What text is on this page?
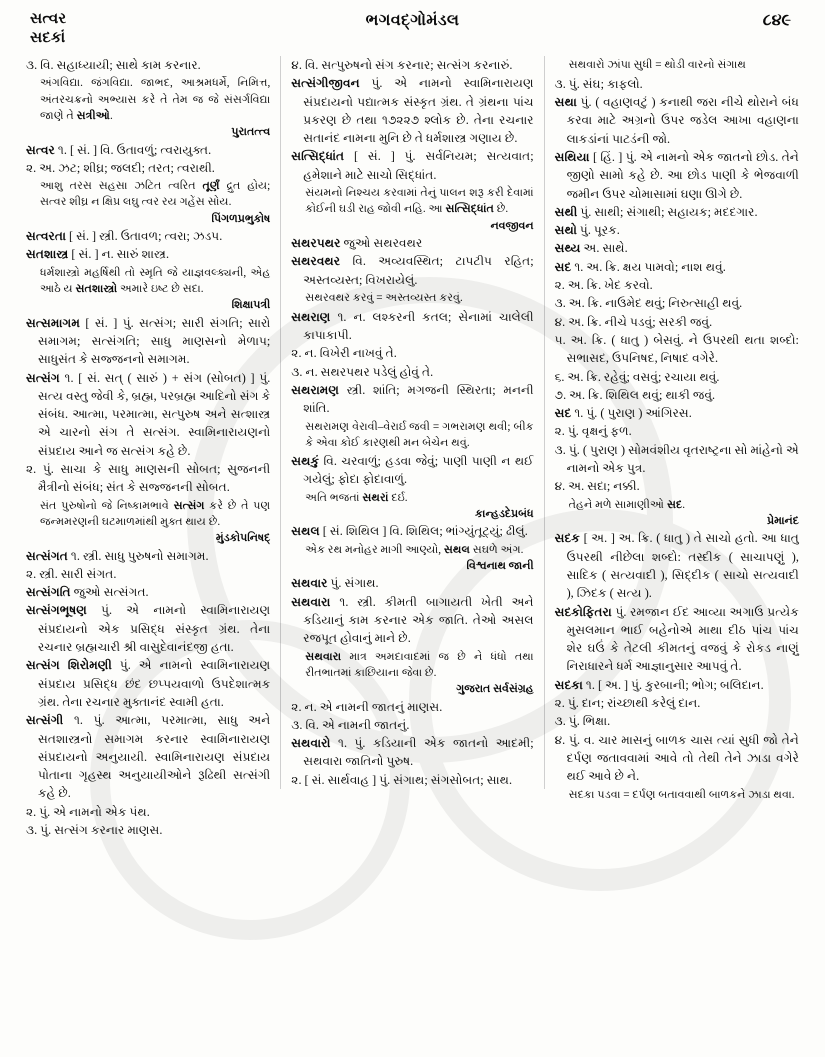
સત્વર
સદકાં
ભગવદ્ગોમંડલ	૮૪૯

૩. વિ. સહાધ્યાયી; સાથે કામ કરનાર.

અંગવિદ્યા. જંગવિદ્યા. જાભદ, આશ્રમધર્મે, નિમિત્ત, અંતરચક્રનો અભ્યાસ કરે તે તેમ જ જે સંસર્ગવિદ્યા જાણે તે સત્રીઓ.

પુરાતત્ત્વ

સત્વર ૧. [ સં. ] વિ. ઉતાવળું; ત્વરાયુક્ત.

૨. અ. ઝટ; શીઘ્ર; જલદી; તરત; ત્વરાથી.

આશુ તરસ સહસા ઝટિત ત્વરિત તૂર્ણં દ્રુત હોય; સત્વર શીઘ્ર ન ક્ષિપ્ર લઘુ ત્વર રય ગહેંસ સોય.

પિંગળપ્રભુકોષ

સત્વરતા [ સં. ] સ્ત્રી. ઉતાવળ; ત્વરા; ઝડપ.

સતશાસ્ત્ર [ સં. ] ન. સારું શાસ્ત્ર.

ધર્મશાસ્ત્રો મહર્ષિથી તો સ્મૃતિ જે યાજ્ઞવલ્ક્યની, એહ આઠે ય સતશાસ્ત્રો અમારે ઇષ્ટ છે સદા.

શિક્ષાપત્રી

સત્સમાગમ [ સં. ] પું. સત્સંગ; સારી સંગતિ; સારો સમાગમ; સત્સંગતિ; સાધુ માણસનો મેળાપ; સાધુસંત કે સજ્જનનો સમાગમ.

સત્સંગ ૧. [ સં. સત્ ( સારું ) + સંગ (સોબત) ] પું. સત્ય વસ્તુ જેવી કે, બ્રહ્મ, પરબ્રહ્મ આદિનો સંગ કે સંબંધ. આત્મા, પરમાત્મા, સત્પુરુષ અને સત્શાસ્ત્ર એ ચારનો સંગ તે સત્સંગ. સ્વામિનારાયણનો સંપ્રદાય આને જ સત્સંગ કહે છે.

૨. પું. સાચા કે સાધુ માણસની સોબત; સુજનની મૈત્રીનો સંબંધ; સંત કે સજ્જનની સોબત.

સંત પુરુષોનો જે નિષ્કામભાવે સત્સંગ કરે છે તે પણ જન્મમરણની ઘટમાળમાંથી મુક્ત થાય છે.

મુંડકોપનિષદ્

સત્સંગત ૧. સ્ત્રી. સાધુ પુરુષનો સમાગમ.

૨. સ્ત્રી. સારી સંગત.

સત્સંગતિ જુઓ સત્સંગત.

સત્સંગભૂષણ પું. એ નામનો સ્વામિનારાયણ સંપ્રદાયનો એક પ્રસિદ્ધ સંસ્કૃત ગ્રંથ. તેના રચનાર બ્રહ્મચારી શ્રી વાસુદેવાનંદજી હતા.

સત્સંગ શિરોમણી પું. એ નામનો સ્વામિનારાયણ સંપ્રદાય પ્રસિદ્ધ છંદ છપ્પયવાળો ઉપદેશાત્મક ગ્રંથ. તેના રચનાર મુક્તાનંદ સ્વામી હતા.

સત્સંગી ૧. પું. આત્મા, પરમાત્મા, સાધુ અને સતશાસ્ત્રનો સમાગમ કરનાર સ્વામિનારાયણ સંપ્રદાયનો અનુયાયી. સ્વામિનારાયણ સંપ્રદાય પોતાના ગૃહસ્થ અનુયાયીઓને રૂઢિથી સત્સંગી કહે છે.

૨. પું. એ નામનો એક પંથ.

૩. પું. સત્સંગ કરનાર માણસ.

૪. વિ. સત્પુરુષનો સંગ કરનાર; સત્સંગ કરનારું.

સત્સંગીજીવન પું. એ નામનો સ્વામિનારાયણ સંપ્રદાયનો પદ્યાત્મક સંસ્કૃત ગ્રંથ. તે ગ્રંથના પાંચ પ્રકરણ છે તથા ૧૭૨૨૭ શ્લોક છે. તેના રચનાર સતાનંદ નામના મુનિ છે તે ધર્મશાસ્ત્ર ગણાય છે.

સત્સિદ્ધાંત [ સં. ] પું. સર્વનિયમ; સત્યવાત; હમેશાને માટે સાચો સિદ્ધાંત.

સંયમનો નિશ્ચય કરવામાં તેનું પાલન શરૂ કરી દેવામાં કોઈની ઘડી રાહ જોવી નહિ. આ સત્સિદ્ધાંત છે.

નવજીવન

સથરપથર જુઓ સથરવથર

સથરવથર વિ. અવ્યવસ્થિત; ટાપટીપ રહિત; અસ્તવ્યસ્ત; વિખરાયેલું.

સથરવથર કરવું = અસ્તવ્યસ્ત કરવું.

સથરાણ ૧. ન. લશ્કરની કતલ; સેનામાં ચાલેલી કાપાકાપી.

૨. ન. વિખેરી નાખવું તે.

૩. ન. સથરપથર પડેલું હોવું તે.

સથરામણ સ્ત્રી. શાંતિ; મગજની સ્થિરતા; મનની શાંતિ.

સથરામણ વેરાવી–વેરાર્ઇ જવી = ગભરામણ થવી; બીક કે એવા કોઈ કારણથી મન બેચેન થવું.

સથકું વિ. ચરવાળું; હડવા જેવું; પાણી પાણી ન થઈ ગયેલું; ફોદા ફોદાવાળું.

અતિ ભજતાં સથરાં દર્ઇ.

કાન્હડદેપ્રબંધ

સથલ [ સં. શિથિલ ] વિ. શિથિલ; ભાંગ્યુંતૂટ્યું; ઢીલું.

એક રથ મનોહર માગી આણ્યો, સથલ સઘળે અંગ.

વિશ્વનાથ જાની

સથવાર પું. સંગાથ.

સથવારા ૧. સ્ત્રી. કીમતી બાગાયતી ખેતી અને કડિયાનું કામ કરનાર એક જાતિ. તેઓ અસલ રજપૂત હોવાનું માને છે.

સથવારા માત્ર અમદાવાદમાં જ છે ને ધંધો તથા રીતભાતમાં કાછિયાના જેવા છે.

ગુજરાત સર્વસંગ્રહ

૨. ન. એ નામની જાતનું માણસ.

૩. વિ. એ નામની જાતનું.

સથવારો ૧. પું. કડિયાની એક જાતનો આદમી; સથવારા જાતિનો પુરુષ.

૨. [ સં. સાર્થવાહ ] પું. સંગાથ; સંગસોબત; સાથ.

સથવારો ઝાંપા સુધી = થોડી વારનો સંગાથ

૩. પું. સંઘ; કાફલો.

સથા પું. ( વહાણવટું ) કનાથી જરા નીચે થોરાને બંધ કરવા માટે અગ્રનો ઉપર જડેલ આખા વહાણના લાકડાંનાં પાટડંની જો.

સથિયા [ હિં. ] પું. એ નામનો એક જાતનો છોડ. તેને જીણો સામો કહે છે. આ છોડ પાણી કે ભેજવાળી જમીન ઉપર ચોમાસામાં ઘણા ઊગે છે.

સથી પું. સાથી; સંગાથી; સહાયક; મદદગાર.

સથો પું. પૂરક.

સથ્ય અ. સાથે.

સદ ૧. અ. ક્રિ. ક્ષય પામવો; નાશ થવું.

૨. અ. ક્રિ. ખેદ કરવો.

૩. અ. ક્રિ. નાઉમેદ થવું; નિરુત્સાહી થવું.

૪. અ. ક્રિ. નીચે પડવું; સરકી જવું.

૫. અ. ક્રિ. ( ધાતુ ) બેસવું. ને ઉપરથી થતા શબ્દો: સભાસદ, ઉપનિષદ, નિષાદ વગેરે.

૬. અ. ક્રિ. રહેવું; વસવું; રચાયા થવું.

૭. અ. ક્રિ. શિથિલ થવું; થાકી જવું.

સદ ૧. પું. ( પુરાણ ) આંગિરસ.

૨. પું. વૃક્ષનું ફળ.

૩. પું. ( પુરાણ ) સોમવંશીય વૃતરાષ્ટ્રના સો માંહેનો એ નામનો એક પુત્ર.

૪. અ. સદા; નક્કી.

તેહને મળે સામાણીઓ સદ.

પ્રેમાનંદ

સદક [ અ. ] અ. ક્રિ. ( ધાતુ ) તે સાચો હતો. આ ધાતુ ઉપરથી નીછેલા શબ્દો: તસ્દીક ( સાચાપણું ), સાદિક ( સત્યવાદી ), સિદ્દીક ( સાચો સત્યવાદી ), ઝિદક ( સત્ય ).

સદકોફિતરા પું. રમજાન ઈદ આવ્યા અગાઉ પ્રત્યેક મુસલમાન ભાઈ બહેનોએ માથા દીઠ પાંચ પાંચ શેર ઘઉં કે તેટલી કીમતનું વજવું કે રોકડ નાણું નિરાધારને ધર્મ આજ્ઞાનુસાર આપવું તે.

સદકા ૧. [ અ. ] પું. કુરબાની; ભોગ; બલિદાન.

૨. પું. દાન; રાંચ્છાથી કરેલું દાન.

૩. પું. ભિક્ષા.

૪. પું. વ. ચાર માસનું બાળક ચાસ ત્યાં સુધી જો તેને દર્પણ જતાવવામાં આવે તો તેથી તેને ઝાડા વગેરે થઈ આવે છે ને.

સદકા પડવા = દર્પણ બતાવવાથી બાળકને ઝાડા થવા.
